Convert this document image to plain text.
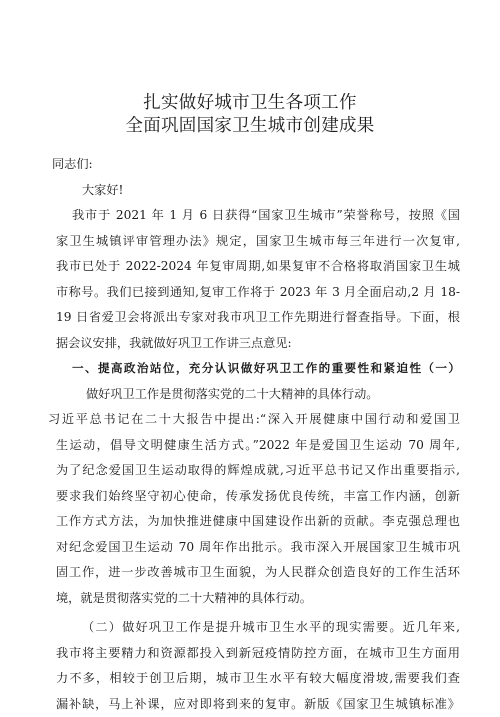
扎实做好城市卫生各项工作
全面巩固国家卫生城市创建成果
同志们:
大家好!
我市于 2021 年 1 月 6 日获得“国家卫生城市”荣誉称号，按照《国
家卫生城镇评审管理办法》规定，国家卫生城市每三年进行一次复审,
我市已处于 2022-2024 年复审周期,如果复审不合格将取消国家卫生城
市称号。我们已接到通知,复审工作将于 2023 年 3 月全面启动,2 月 18-
19 日省爱卫会将派出专家对我市巩卫工作先期进行督查指导。下面，根
据会议安排，我就做好巩卫工作讲三点意见:
一、提高政治站位，充分认识做好巩卫工作的重要性和紧迫性（一）
做好巩卫工作是贯彻落实党的二十大精神的具体行动。
习近平总书记在二十大报告中提出:“深入开展健康中国行动和爱国卫
生运动，倡导文明健康生活方式。”2022 年是爱国卫生运动 70 周年,
为了纪念爱国卫生运动取得的辉煌成就,习近平总书记又作出重要指示,
要求我们始终坚守初心使命，传承发扬优良传统，丰富工作内涵，创新
工作方式方法，为加快推进健康中国建设作出新的贡献。李克强总理也
对纪念爱国卫生运动 70 周年作出批示。我市深入开展国家卫生城市巩
固工作，进一步改善城市卫生面貌，为人民群众创造良好的工作生活环
境，就是贯彻落实党的二十大精神的具体行动。
（二）做好巩卫工作是提升城市卫生水平的现实需要。近几年来,
我市将主要精力和资源都投入到新冠疫情防控方面，在城市卫生方面用
力不多，相较于创卫后期，城市卫生水平有较大幅度滑坡,需要我们查
漏补缺，马上补课，应对即将到来的复审。新版《国家卫生城镇标准》
